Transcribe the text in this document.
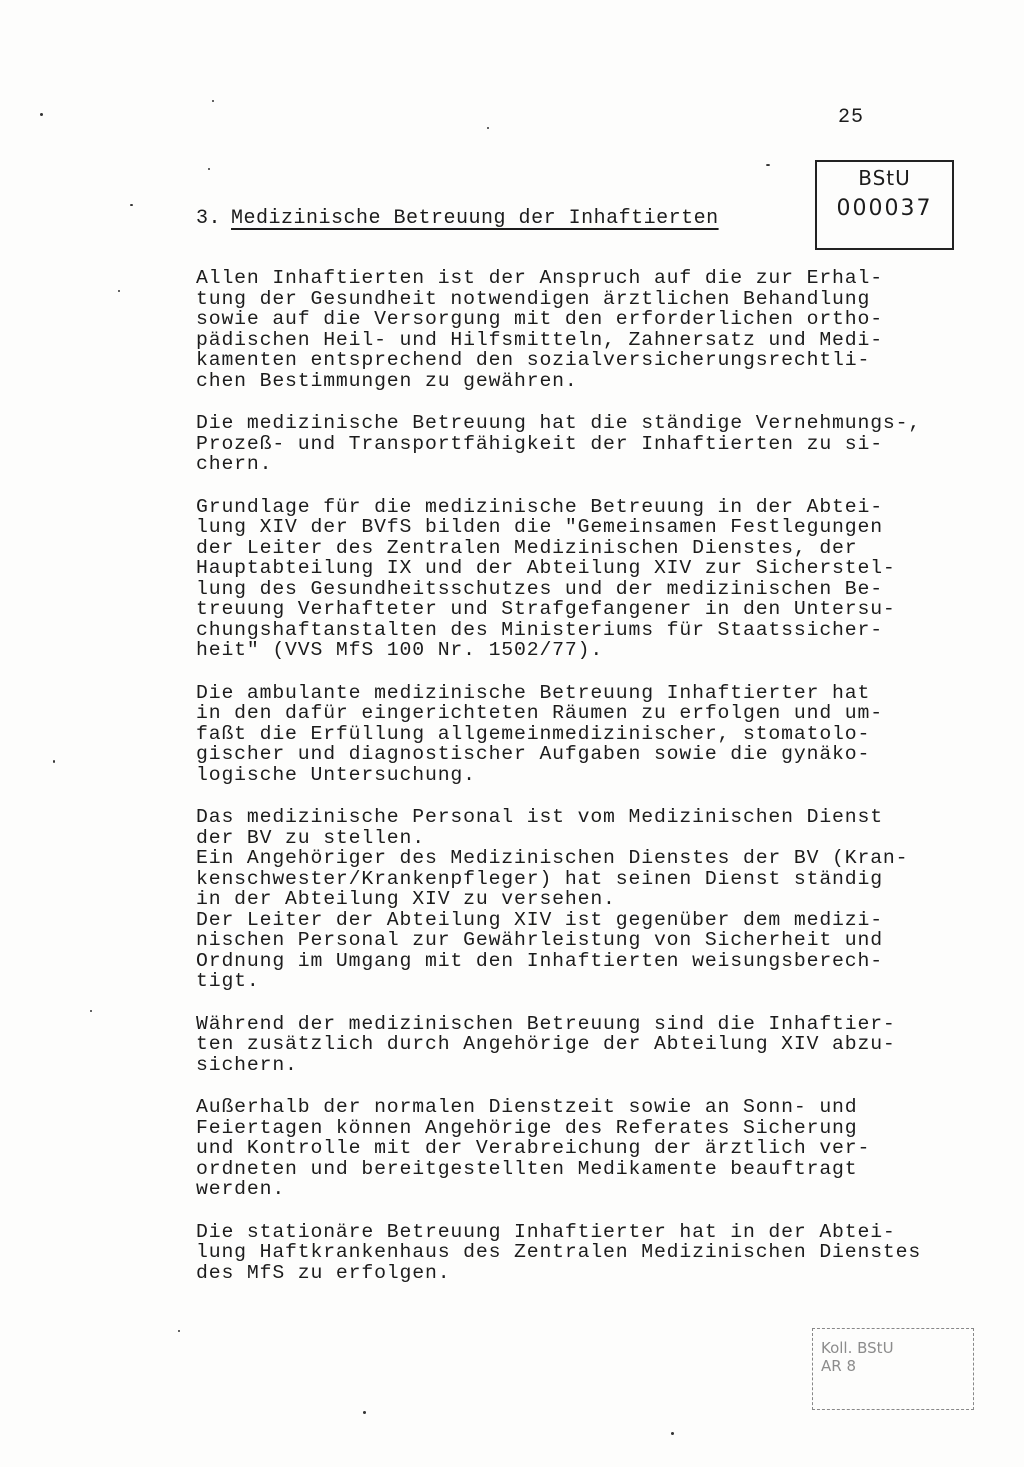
25
BStU
000037
3. Medizinische Betreuung der Inhaftierten
Allen Inhaftierten ist der Anspruch auf die zur Erhal-
tung der Gesundheit notwendigen ärztlichen Behandlung
sowie auf die Versorgung mit den erforderlichen ortho-
pädischen Heil- und Hilfsmitteln, Zahnersatz und Medi-
kamenten entsprechend den sozialversicherungsrechtli-
chen Bestimmungen zu gewähren.
Die medizinische Betreuung hat die ständige Vernehmungs-,
Prozeß- und Transportfähigkeit der Inhaftierten zu si-
chern.
Grundlage für die medizinische Betreuung in der Abtei-
lung XIV der BVfS bilden die "Gemeinsamen Festlegungen
der Leiter des Zentralen Medizinischen Dienstes, der
Hauptabteilung IX und der Abteilung XIV zur Sicherstel-
lung des Gesundheitsschutzes und der medizinischen Be-
treuung Verhafteter und Strafgefangener in den Untersu-
chungshaftanstalten des Ministeriums für Staatssicher-
heit" (VVS MfS 100 Nr. 1502/77).
Die ambulante medizinische Betreuung Inhaftierter hat
in den dafür eingerichteten Räumen zu erfolgen und um-
faßt die Erfüllung allgemeinmedizinischer, stomatolo-
gischer und diagnostischer Aufgaben sowie die gynäko-
logische Untersuchung.
Das medizinische Personal ist vom Medizinischen Dienst
der BV zu stellen.
Ein Angehöriger des Medizinischen Dienstes der BV (Kran-
kenschwester/Krankenpfleger) hat seinen Dienst ständig
in der Abteilung XIV zu versehen.
Der Leiter der Abteilung XIV ist gegenüber dem medizi-
nischen Personal zur Gewährleistung von Sicherheit und
Ordnung im Umgang mit den Inhaftierten weisungsberech-
tigt.
Während der medizinischen Betreuung sind die Inhaftier-
ten zusätzlich durch Angehörige der Abteilung XIV abzu-
sichern.
Außerhalb der normalen Dienstzeit sowie an Sonn- und
Feiertagen können Angehörige des Referates Sicherung
und Kontrolle mit der Verabreichung der ärztlich ver-
ordneten und bereitgestellten Medikamente beauftragt
werden.
Die stationäre Betreuung Inhaftierter hat in der Abtei-
lung Haftkrankenhaus des Zentralen Medizinischen Dienstes
des MfS zu erfolgen.
Koll. BStU
AR 8
